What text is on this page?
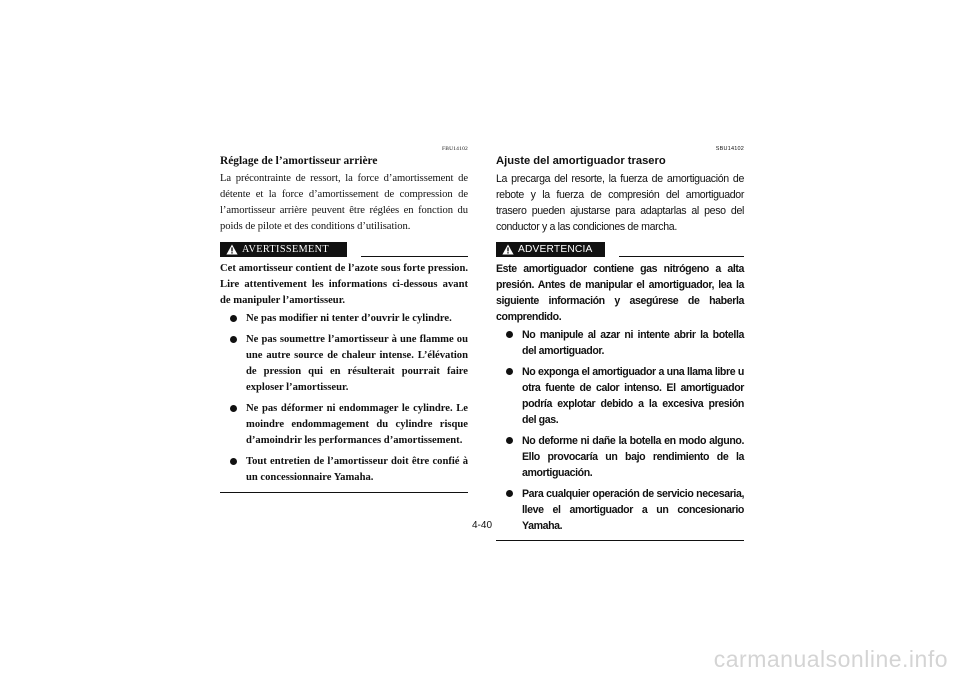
FBU14102
Réglage de l’amortisseur arrière

La précontrainte de ressort, la force d’amortissement de détente et la force d’amortissement de compression de l’amortisseur arrière peuvent être réglées en fonction du poids de pilote et des conditions d’utilisation.

AVERTISSEMENT
Cet amortisseur contient de l’azote sous forte pression. Lire attentivement les informations ci-dessous avant de manipuler l’amortisseur.
Ne pas modifier ni tenter d’ouvrir le cylindre.
Ne pas soumettre l’amortisseur à une flamme ou une autre source de chaleur intense. L’élévation de pression qui en résulterait pourrait faire exploser l’amortisseur.
Ne pas déformer ni endommager le cylindre. Le moindre endommagement du cylindre risque d’amoindrir les performances d’amortissement.
Tout entretien de l’amortisseur doit être confié à un concessionnaire Yamaha.
SBU14102
Ajuste del amortiguador trasero

La precarga del resorte, la fuerza de amortiguación de rebote y la fuerza de compresión del amortiguador trasero pueden ajustarse para adaptarlas al peso del conductor y a las condiciones de marcha.

ADVERTENCIA
Este amortiguador contiene gas nitrógeno a alta presión. Antes de manipular el amortiguador, lea la siguiente información y asegúrese de haberla comprendido.
No manipule al azar ni intente abrir la botella del amortiguador.
No exponga el amortiguador a una llama libre u otra fuente de calor intenso. El amortiguador podría explotar debido a la excesiva presión del gas.
No deforme ni dañe la botella en modo alguno. Ello provocaría un bajo rendimiento de la amortiguación.
Para cualquier operación de servicio necesaria, lleve el amortiguador a un concesionario Yamaha.
4-40
carmanualsonline.info
